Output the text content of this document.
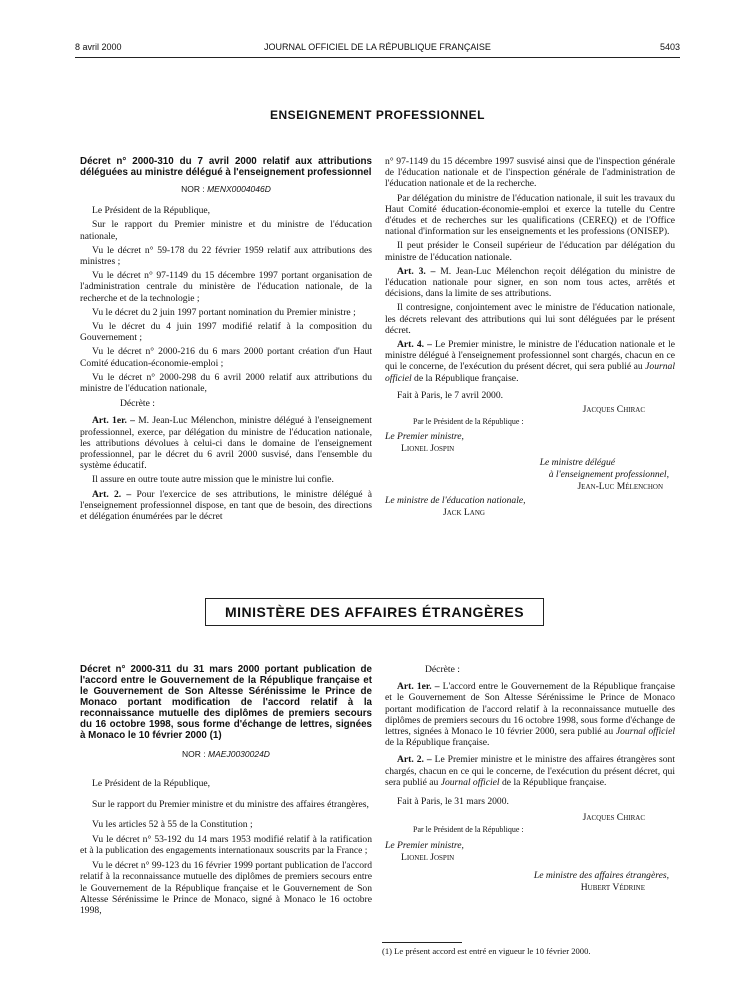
8 avril 2000	JOURNAL OFFICIEL DE LA RÉPUBLIQUE FRANÇAISE	5403
ENSEIGNEMENT PROFESSIONNEL

Décret n° 2000-310 du 7 avril 2000 relatif aux attributions déléguées au ministre délégué à l'enseignement professionnel

NOR : MENX0004046D

Le Président de la République,

Sur le rapport du Premier ministre et du ministre de l'éducation nationale,

Vu le décret n° 59-178 du 22 février 1959 relatif aux attributions des ministres ;

Vu le décret n° 97-1149 du 15 décembre 1997 portant organisation de l'administration centrale du ministère de l'éducation nationale, de la recherche et de la technologie ;

Vu le décret du 2 juin 1997 portant nomination du Premier ministre ;

Vu le décret du 4 juin 1997 modifié relatif à la composition du Gouvernement ;

Vu le décret n° 2000-216 du 6 mars 2000 portant création d'un Haut Comité éducation-économie-emploi ;

Vu le décret n° 2000-298 du 6 avril 2000 relatif aux attributions du ministre de l'éducation nationale,

Décrète :

Art. 1er. – M. Jean-Luc Mélenchon, ministre délégué à l'enseignement professionnel, exerce, par délégation du ministre de l'éducation nationale, les attributions dévolues à celui-ci dans le domaine de l'enseignement professionnel, par le décret du 6 avril 2000 susvisé, dans l'ensemble du système éducatif.

Il assure en outre toute autre mission que le ministre lui confie.

Art. 2. – Pour l'exercice de ses attributions, le ministre délégué à l'enseignement professionnel dispose, en tant que de besoin, des directions et délégation énumérées par le décret

n° 97-1149 du 15 décembre 1997 susvisé ainsi que de l'inspection générale de l'éducation nationale et de l'inspection générale de l'administration de l'éducation nationale et de la recherche.

Par délégation du ministre de l'éducation nationale, il suit les travaux du Haut Comité éducation-économie-emploi et exerce la tutelle du Centre d'études et de recherches sur les qualifications (CEREQ) et de l'Office national d'information sur les enseignements et les professions (ONISEP).

Il peut présider le Conseil supérieur de l'éducation par délégation du ministre de l'éducation nationale.

Art. 3. – M. Jean-Luc Mélenchon reçoit délégation du ministre de l'éducation nationale pour signer, en son nom tous actes, arrêtés et décisions, dans la limite de ses attributions.

Il contresigne, conjointement avec le ministre de l'éducation nationale, les décrets relevant des attributions qui lui sont déléguées par le présent décret.

Art. 4. – Le Premier ministre, le ministre de l'éducation nationale et le ministre délégué à l'enseignement professionnel sont chargés, chacun en ce qui le concerne, de l'exécution du présent décret, qui sera publié au Journal officiel de la République française.

Fait à Paris, le 7 avril 2000.
Jacques Chirac
Par le Président de la République :
Le Premier ministre,
Lionel Jospin
Le ministre délégué
à l'enseignement professionnel,
Jean-Luc Mélenchon
Le ministre de l'éducation nationale,
Jack Lang
MINISTÈRE DES AFFAIRES ÉTRANGÈRES

Décret n° 2000-311 du 31 mars 2000 portant publication de l'accord entre le Gouvernement de la République française et le Gouvernement de Son Altesse Sérénissime le Prince de Monaco portant modification de l'accord relatif à la reconnaissance mutuelle des diplômes de premiers secours du 16 octobre 1998, sous forme d'échange de lettres, signées à Monaco le 10 février 2000 (1)

NOR : MAEJ0030024D

Le Président de la République,

Sur le rapport du Premier ministre et du ministre des affaires étrangères,

Vu les articles 52 à 55 de la Constitution ;

Vu le décret n° 53-192 du 14 mars 1953 modifié relatif à la ratification et à la publication des engagements internationaux souscrits par la France ;

Vu le décret n° 99-123 du 16 février 1999 portant publication de l'accord relatif à la reconnaissance mutuelle des diplômes de premiers secours entre le Gouvernement de la République française et le Gouvernement de Son Altesse Sérénissime le Prince de Monaco, signé à Monaco le 16 octobre 1998,

Décrète :

Art. 1er. – L'accord entre le Gouvernement de la République française et le Gouvernement de Son Altesse Sérénissime le Prince de Monaco portant modification de l'accord relatif à la reconnaissance mutuelle des diplômes de premiers secours du 16 octobre 1998, sous forme d'échange de lettres, signées à Monaco le 10 février 2000, sera publié au Journal officiel de la République française.

Art. 2. – Le Premier ministre et le ministre des affaires étrangères sont chargés, chacun en ce qui le concerne, de l'exécution du présent décret, qui sera publié au Journal officiel de la République française.

Fait à Paris, le 31 mars 2000.
Jacques Chirac
Par le Président de la République :
Le Premier ministre,
Lionel Jospin
Le ministre des affaires étrangères,
Hubert Védrine
(1) Le présent accord est entré en vigueur le 10 février 2000.
